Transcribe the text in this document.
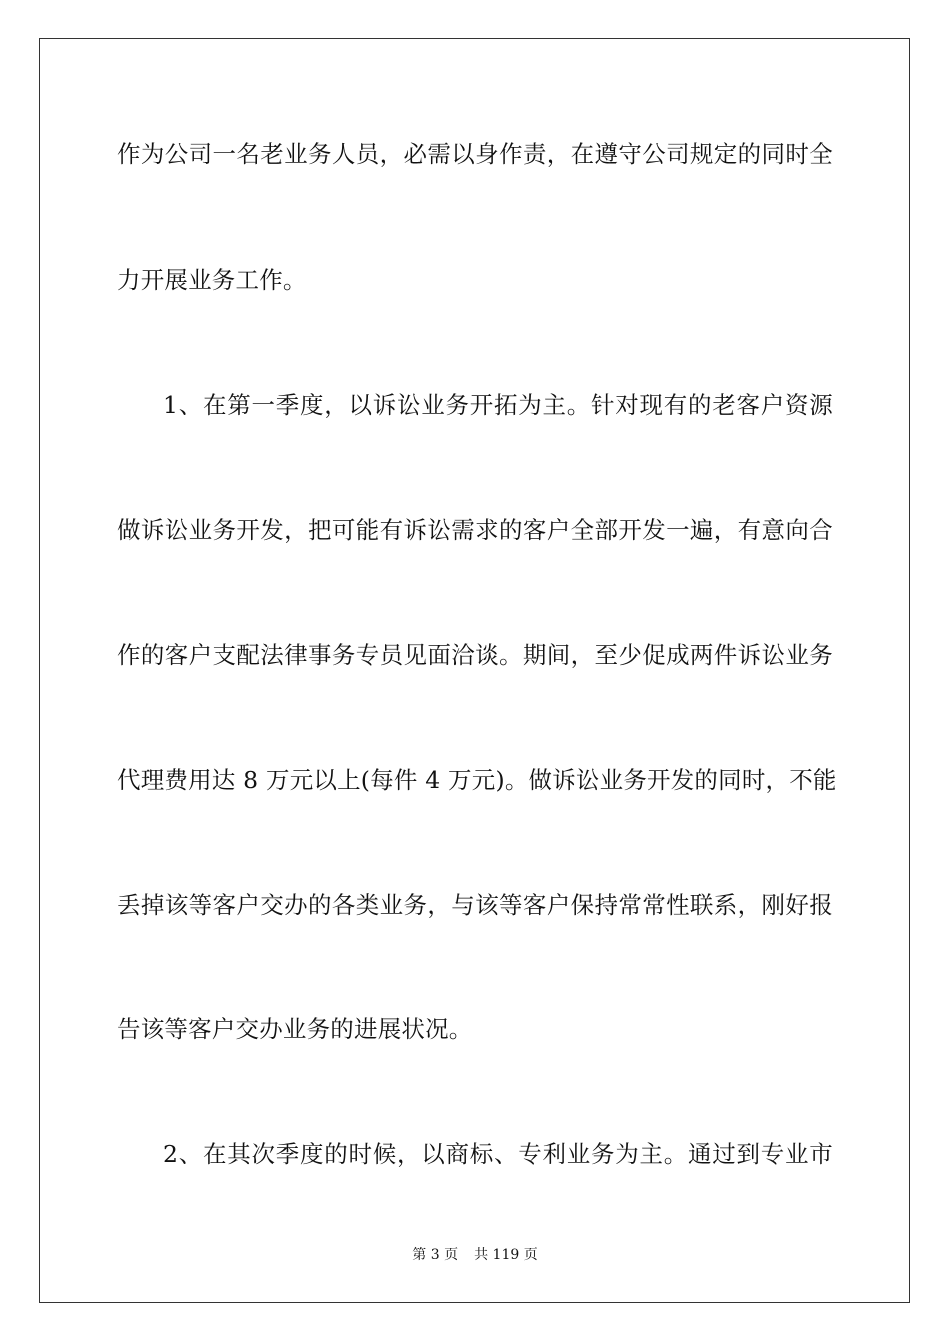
作为公司一名老业务人员，必需以身作责，在遵守公司规定的同时全
力开展业务工作。
1、在第一季度，以诉讼业务开拓为主。针对现有的老客户资源
做诉讼业务开发，把可能有诉讼需求的客户全部开发一遍，有意向合
作的客户支配法律事务专员见面洽谈。期间，至少促成两件诉讼业务
代理费用达 8 万元以上(每件 4 万元)。做诉讼业务开发的同时，不能
丢掉该等客户交办的各类业务，与该等客户保持常常性联系，刚好报
告该等客户交办业务的进展状况。
2、在其次季度的时候，以商标、专利业务为主。通过到专业市
第 3 页 共 119 页
